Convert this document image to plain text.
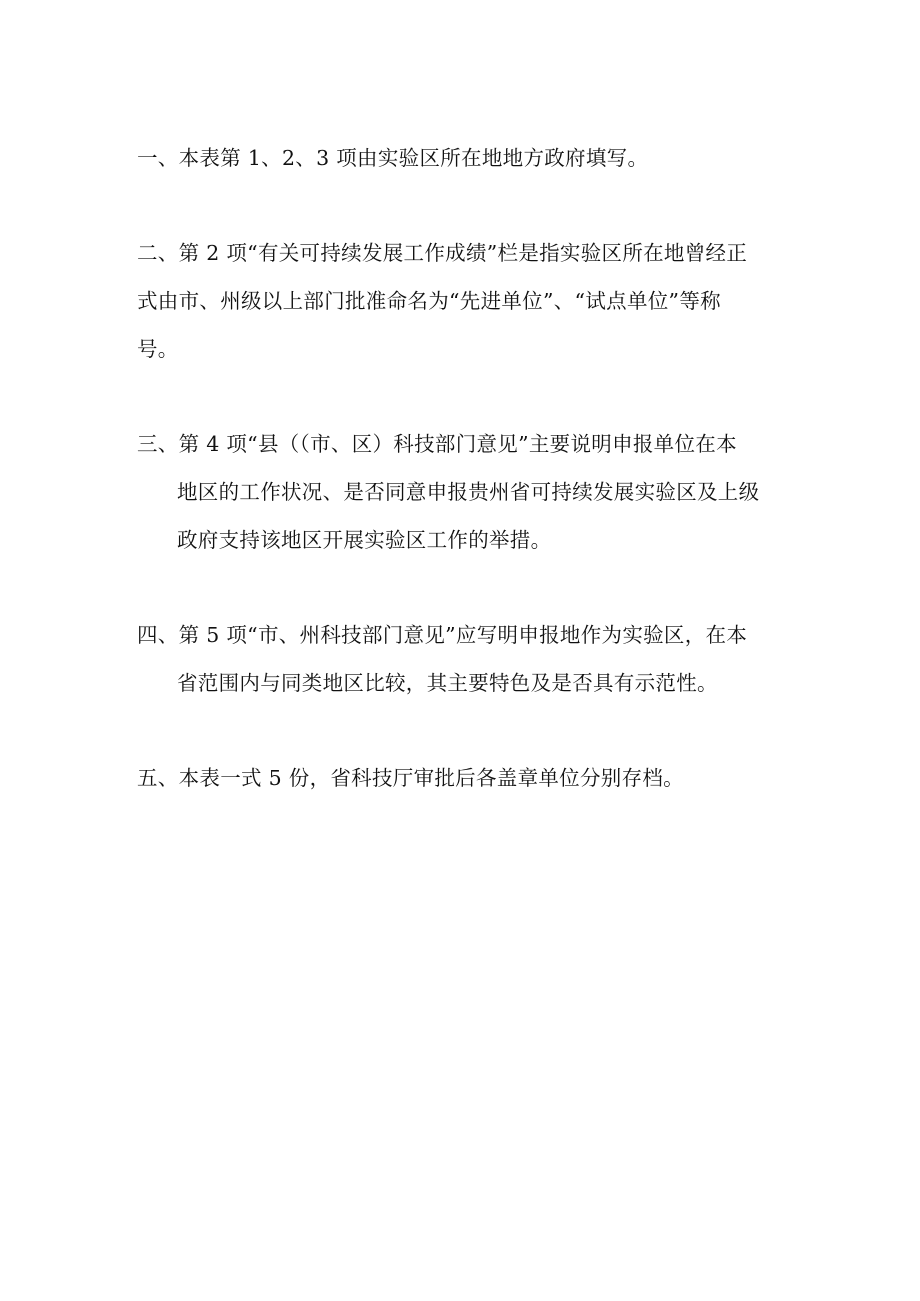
一、本表第 1、2、3 项由实验区所在地地方政府填写。
二、第 2 项“有关可持续发展工作成绩”栏是指实验区所在地曾经正
式由市、州级以上部门批准命名为“先进单位”、“试点单位”等称
号。
三、第 4 项“县（（市、区）科技部门意见”主要说明申报单位在本
地区的工作状况、是否同意申报贵州省可持续发展实验区及上级
政府支持该地区开展实验区工作的举措。
四、第 5 项“市、州科技部门意见”应写明申报地作为实验区，在本
省范围内与同类地区比较，其主要特色及是否具有示范性。
五、本表一式 5 份，省科技厅审批后各盖章单位分别存档。
